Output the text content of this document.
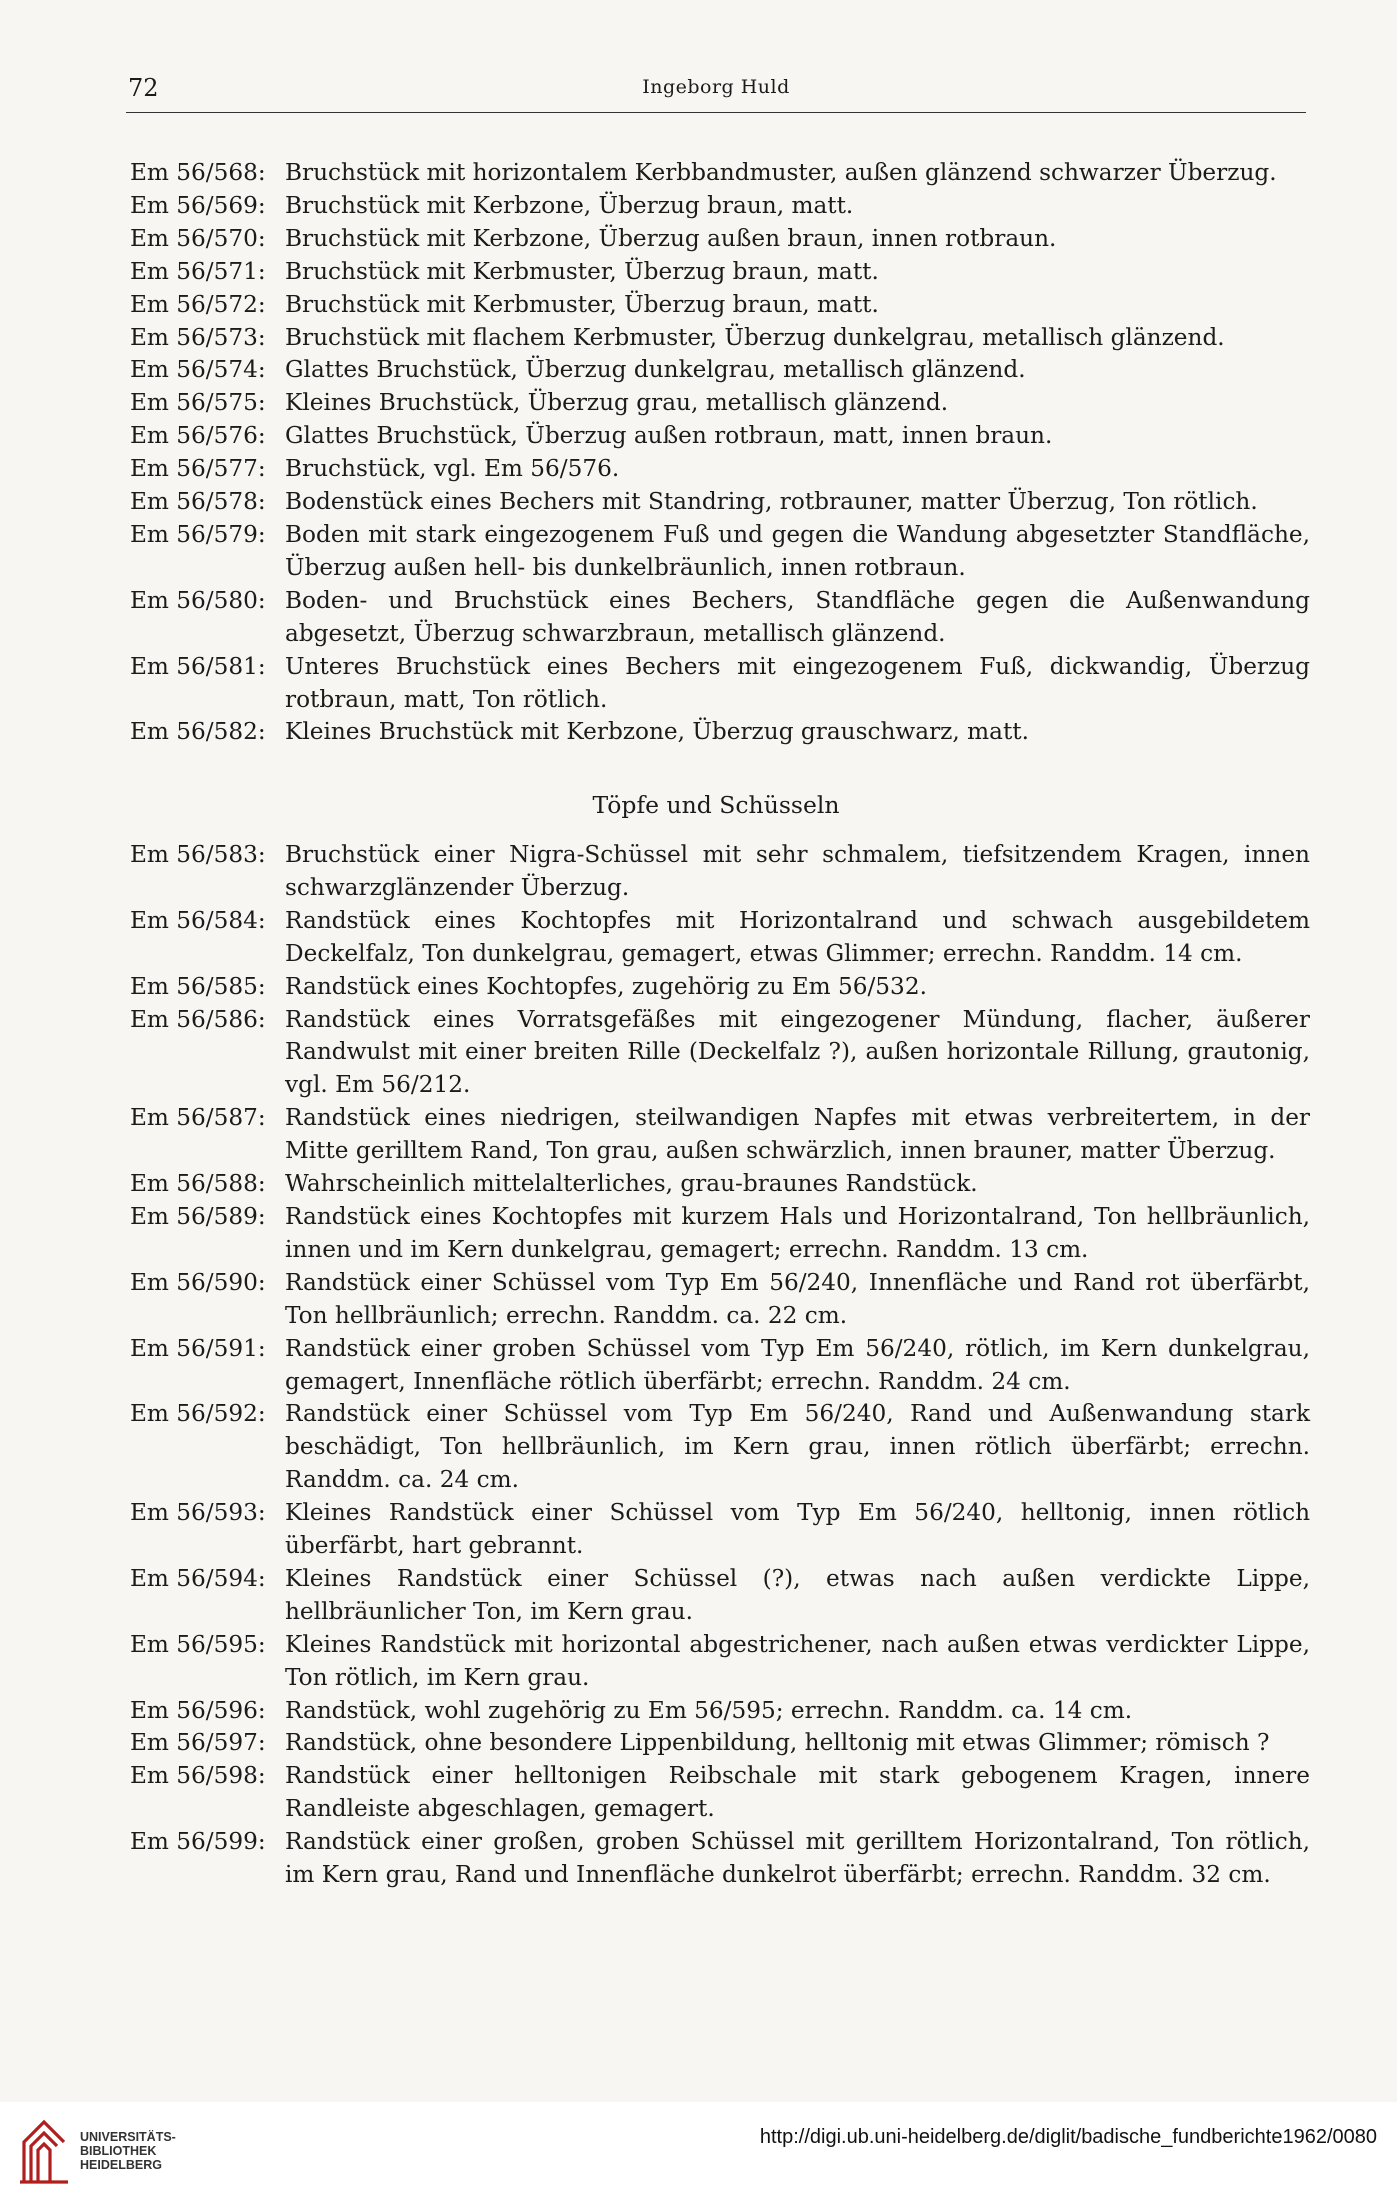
72	Ingeborg Huld
Em 56/568: Bruchstück mit horizontalem Kerbbandmuster, außen glänzend schwarzer Überzug.
Em 56/569: Bruchstück mit Kerbzone, Überzug braun, matt.
Em 56/570: Bruchstück mit Kerbzone, Überzug außen braun, innen rotbraun.
Em 56/571: Bruchstück mit Kerbmuster, Überzug braun, matt.
Em 56/572: Bruchstück mit Kerbmuster, Überzug braun, matt.
Em 56/573: Bruchstück mit flachem Kerbmuster, Überzug dunkelgrau, metallisch glänzend.
Em 56/574: Glattes Bruchstück, Überzug dunkelgrau, metallisch glänzend.
Em 56/575: Kleines Bruchstück, Überzug grau, metallisch glänzend.
Em 56/576: Glattes Bruchstück, Überzug außen rotbraun, matt, innen braun.
Em 56/577: Bruchstück, vgl. Em 56/576.
Em 56/578: Bodenstück eines Bechers mit Standring, rotbrauner, matter Überzug, Ton rötlich.
Em 56/579: Boden mit stark eingezogenem Fuß und gegen die Wandung abgesetzter Standfläche, Überzug außen hell- bis dunkelbräunlich, innen rotbraun.
Em 56/580: Boden- und Bruchstück eines Bechers, Standfläche gegen die Außenwandung abgesetzt, Überzug schwarzbraun, metallisch glänzend.
Em 56/581: Unteres Bruchstück eines Bechers mit eingezogenem Fuß, dickwandig, Überzug rotbraun, matt, Ton rötlich.
Em 56/582: Kleines Bruchstück mit Kerbzone, Überzug grauschwarz, matt.
Töpfe und Schüsseln
Em 56/583: Bruchstück einer Nigra-Schüssel mit sehr schmalem, tiefsitzendem Kragen, innen schwarzglänzender Überzug.
Em 56/584: Randstück eines Kochtopfes mit Horizontalrand und schwach ausgebildetem Deckelfalz, Ton dunkelgrau, gemagert, etwas Glimmer; errechn. Randdm. 14 cm.
Em 56/585: Randstück eines Kochtopfes, zugehörig zu Em 56/532.
Em 56/586: Randstück eines Vorratsgefäßes mit eingezogener Mündung, flacher, äußerer Randwulst mit einer breiten Rille (Deckelfalz ?), außen horizontale Rillung, grautonig, vgl. Em 56/212.
Em 56/587: Randstück eines niedrigen, steilwandigen Napfes mit etwas verbreitertem, in der Mitte gerilltem Rand, Ton grau, außen schwärzlich, innen brauner, matter Überzug.
Em 56/588: Wahrscheinlich mittelalterliches, grau-braunes Randstück.
Em 56/589: Randstück eines Kochtopfes mit kurzem Hals und Horizontalrand, Ton hellbräunlich, innen und im Kern dunkelgrau, gemagert; errechn. Randdm. 13 cm.
Em 56/590: Randstück einer Schüssel vom Typ Em 56/240, Innenfläche und Rand rot überfärbt, Ton hellbräunlich; errechn. Randdm. ca. 22 cm.
Em 56/591: Randstück einer groben Schüssel vom Typ Em 56/240, rötlich, im Kern dunkelgrau, gemagert, Innenfläche rötlich überfärbt; errechn. Randdm. 24 cm.
Em 56/592: Randstück einer Schüssel vom Typ Em 56/240, Rand und Außenwandung stark beschädigt, Ton hellbräunlich, im Kern grau, innen rötlich überfärbt; errechn. Randdm. ca. 24 cm.
Em 56/593: Kleines Randstück einer Schüssel vom Typ Em 56/240, helltonig, innen rötlich überfärbt, hart gebrannt.
Em 56/594: Kleines Randstück einer Schüssel (?), etwas nach außen verdickte Lippe, hellbräunlicher Ton, im Kern grau.
Em 56/595: Kleines Randstück mit horizontal abgestrichener, nach außen etwas verdickter Lippe, Ton rötlich, im Kern grau.
Em 56/596: Randstück, wohl zugehörig zu Em 56/595; errechn. Randdm. ca. 14 cm.
Em 56/597: Randstück, ohne besondere Lippenbildung, helltonig mit etwas Glimmer; römisch ?
Em 56/598: Randstück einer helltonigen Reibschale mit stark gebogenem Kragen, innere Randleiste abgeschlagen, gemagert.
Em 56/599: Randstück einer großen, groben Schüssel mit gerilltem Horizontalrand, Ton rötlich, im Kern grau, Rand und Innenfläche dunkelrot überfärbt; errechn. Randdm. 32 cm.
UNIVERSITÄTS-
BIBLIOTHEK
HEIDELBERG
http://digi.ub.uni-heidelberg.de/diglit/badische_fundberichte1962/0080
